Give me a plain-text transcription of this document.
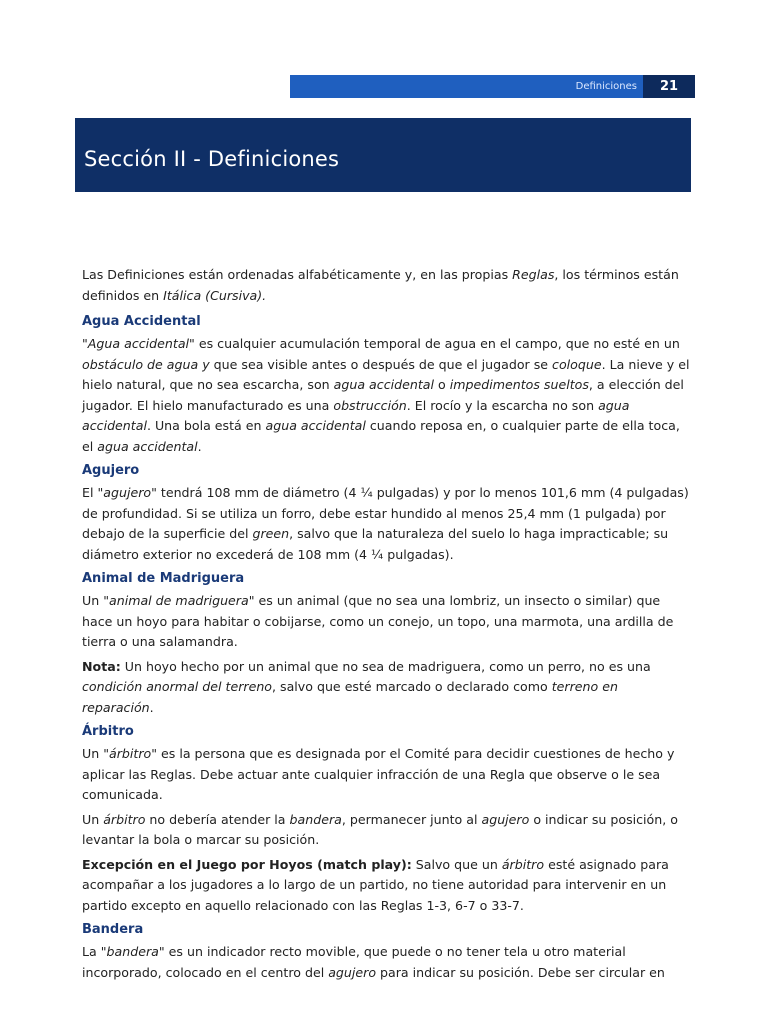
Definiciones	21
Sección II - Definiciones

Las Definiciones están ordenadas alfabéticamente y, en las propias Reglas, los términos están definidos en Itálica (Cursiva).

Agua Accidental

"Agua accidental" es cualquier acumulación temporal de agua en el campo, que no esté en un obstáculo de agua y que sea visible antes o después de que el jugador se coloque. La nieve y el hielo natural, que no sea escarcha, son agua accidental o impedimentos sueltos, a elección del jugador. El hielo manufacturado es una obstrucción. El rocío y la escarcha no son agua accidental. Una bola está en agua accidental cuando reposa en, o cualquier parte de ella toca, el agua accidental.

Agujero

El "agujero" tendrá 108 mm de diámetro (4 ¼ pulgadas) y por lo menos 101,6 mm (4 pulgadas) de profundidad. Si se utiliza un forro, debe estar hundido al menos 25,4 mm (1 pulgada) por debajo de la superficie del green, salvo que la naturaleza del suelo lo haga impracticable; su diámetro exterior no excederá de 108 mm (4 ¼ pulgadas).

Animal de Madriguera

Un "animal de madriguera" es un animal (que no sea una lombriz, un insecto o similar) que hace un hoyo para habitar o cobijarse, como un conejo, un topo, una marmota, una ardilla de tierra o una salamandra.

Nota: Un hoyo hecho por un animal que no sea de madriguera, como un perro, no es una condición anormal del terreno, salvo que esté marcado o declarado como terreno en reparación.

Árbitro

Un "árbitro" es la persona que es designada por el Comité para decidir cuestiones de hecho y aplicar las Reglas. Debe actuar ante cualquier infracción de una Regla que observe o le sea comunicada.

Un árbitro no debería atender la bandera, permanecer junto al agujero o indicar su posición, o levantar la bola o marcar su posición.

Excepción en el Juego por Hoyos (match play): Salvo que un árbitro esté asignado para acompañar a los jugadores a lo largo de un partido, no tiene autoridad para intervenir en un partido excepto en aquello relacionado con las Reglas 1-3, 6-7 o 33-7.

Bandera

La "bandera" es un indicador recto movible, que puede o no tener tela u otro material incorporado, colocado en el centro del agujero para indicar su posición. Debe ser circular en
